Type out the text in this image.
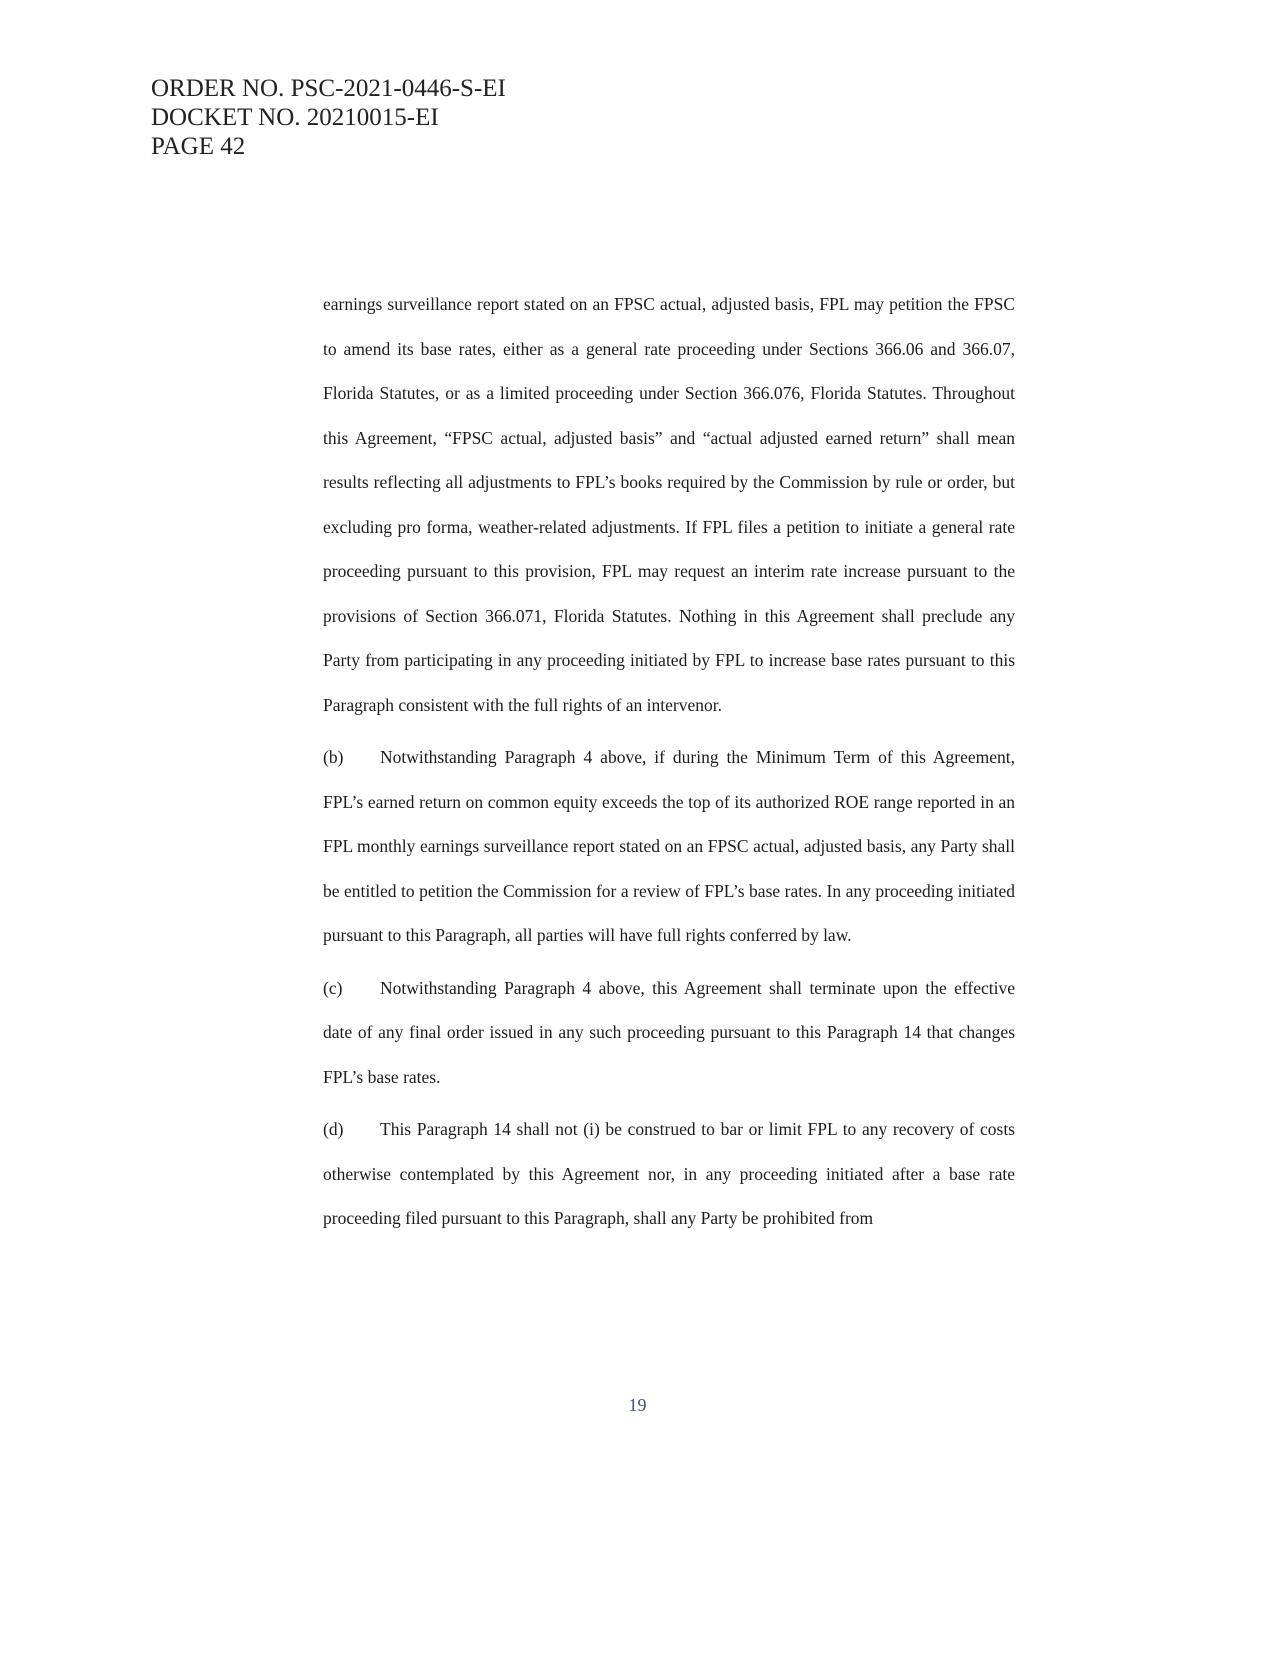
ORDER NO. PSC-2021-0446-S-EI
DOCKET NO. 20210015-EI
PAGE 42

earnings surveillance report stated on an FPSC actual, adjusted basis, FPL may petition the FPSC to amend its base rates, either as a general rate proceeding under Sections 366.06 and 366.07, Florida Statutes, or as a limited proceeding under Section 366.076, Florida Statutes. Throughout this Agreement, “FPSC actual, adjusted basis” and “actual adjusted earned return” shall mean results reflecting all adjustments to FPL’s books required by the Commission by rule or order, but excluding pro forma, weather-related adjustments. If FPL files a petition to initiate a general rate proceeding pursuant to this provision, FPL may request an interim rate increase pursuant to the provisions of Section 366.071, Florida Statutes. Nothing in this Agreement shall preclude any Party from participating in any proceeding initiated by FPL to increase base rates pursuant to this Paragraph consistent with the full rights of an intervenor.

(b) Notwithstanding Paragraph 4 above, if during the Minimum Term of this Agreement, FPL’s earned return on common equity exceeds the top of its authorized ROE range reported in an FPL monthly earnings surveillance report stated on an FPSC actual, adjusted basis, any Party shall be entitled to petition the Commission for a review of FPL’s base rates. In any proceeding initiated pursuant to this Paragraph, all parties will have full rights conferred by law.

(c) Notwithstanding Paragraph 4 above, this Agreement shall terminate upon the effective date of any final order issued in any such proceeding pursuant to this Paragraph 14 that changes FPL’s base rates.

(d) This Paragraph 14 shall not (i) be construed to bar or limit FPL to any recovery of costs otherwise contemplated by this Agreement nor, in any proceeding initiated after a base rate proceeding filed pursuant to this Paragraph, shall any Party be prohibited from

19
